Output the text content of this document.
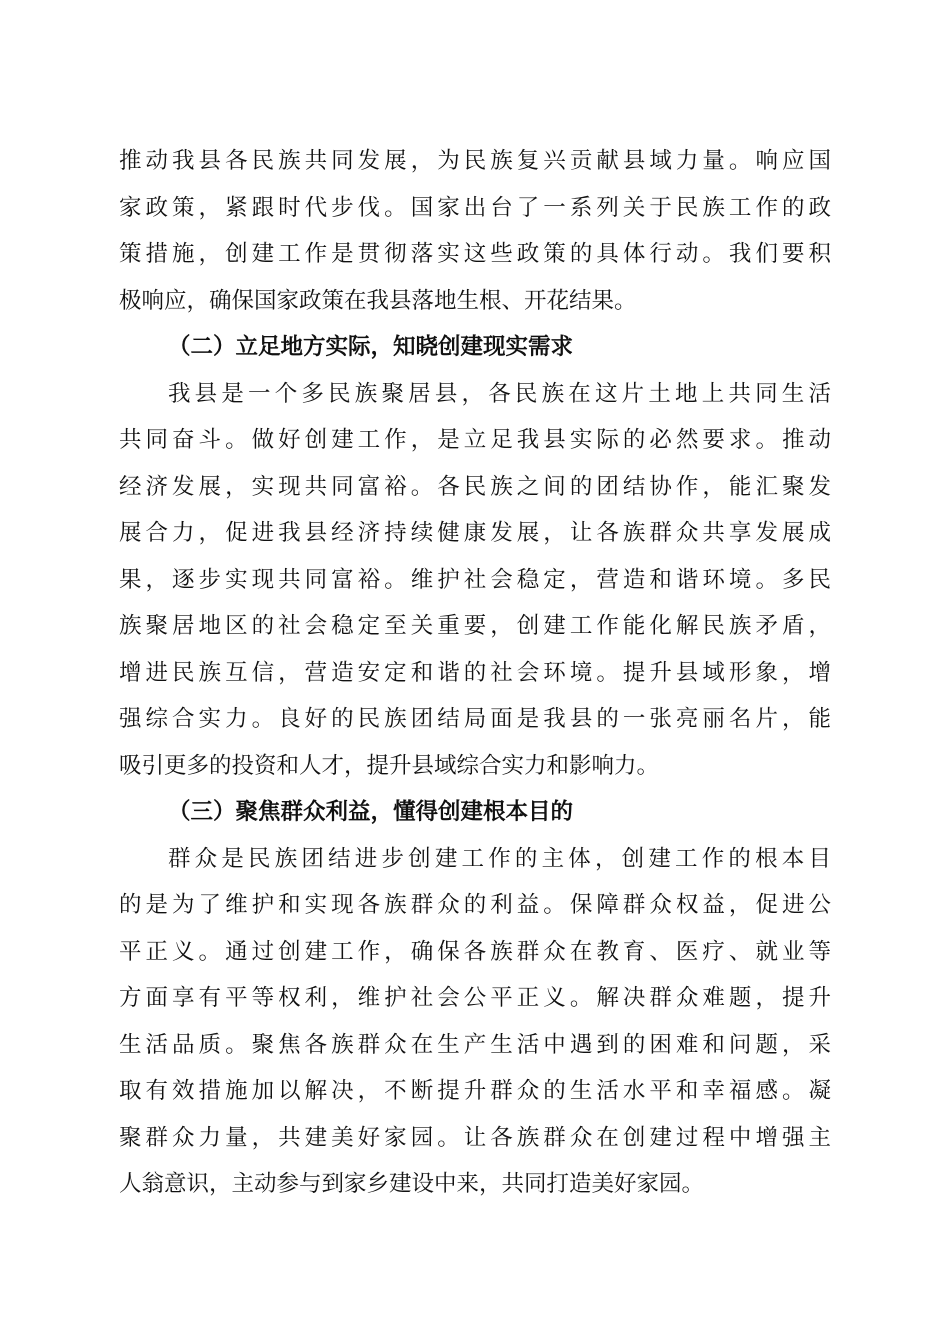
推动我县各民族共同发展，为民族复兴贡献县域力量。响应国
家政策，紧跟时代步伐。国家出台了一系列关于民族工作的政
策措施，创建工作是贯彻落实这些政策的具体行动。我们要积
极响应，确保国家政策在我县落地生根、开花结果。
（二）立足地方实际，知晓创建现实需求
我县是一个多民族聚居县，各民族在这片土地上共同生活
共同奋斗。做好创建工作，是立足我县实际的必然要求。推动
经济发展，实现共同富裕。各民族之间的团结协作，能汇聚发
展合力，促进我县经济持续健康发展，让各族群众共享发展成
果，逐步实现共同富裕。维护社会稳定，营造和谐环境。多民
族聚居地区的社会稳定至关重要，创建工作能化解民族矛盾，
增进民族互信，营造安定和谐的社会环境。提升县域形象，增
强综合实力。良好的民族团结局面是我县的一张亮丽名片，能
吸引更多的投资和人才，提升县域综合实力和影响力。
（三）聚焦群众利益，懂得创建根本目的
群众是民族团结进步创建工作的主体，创建工作的根本目
的是为了维护和实现各族群众的利益。保障群众权益，促进公
平正义。通过创建工作，确保各族群众在教育、医疗、就业等
方面享有平等权利，维护社会公平正义。解决群众难题，提升
生活品质。聚焦各族群众在生产生活中遇到的困难和问题，采
取有效措施加以解决，不断提升群众的生活水平和幸福感。凝
聚群众力量，共建美好家园。让各族群众在创建过程中增强主
人翁意识，主动参与到家乡建设中来，共同打造美好家园。
